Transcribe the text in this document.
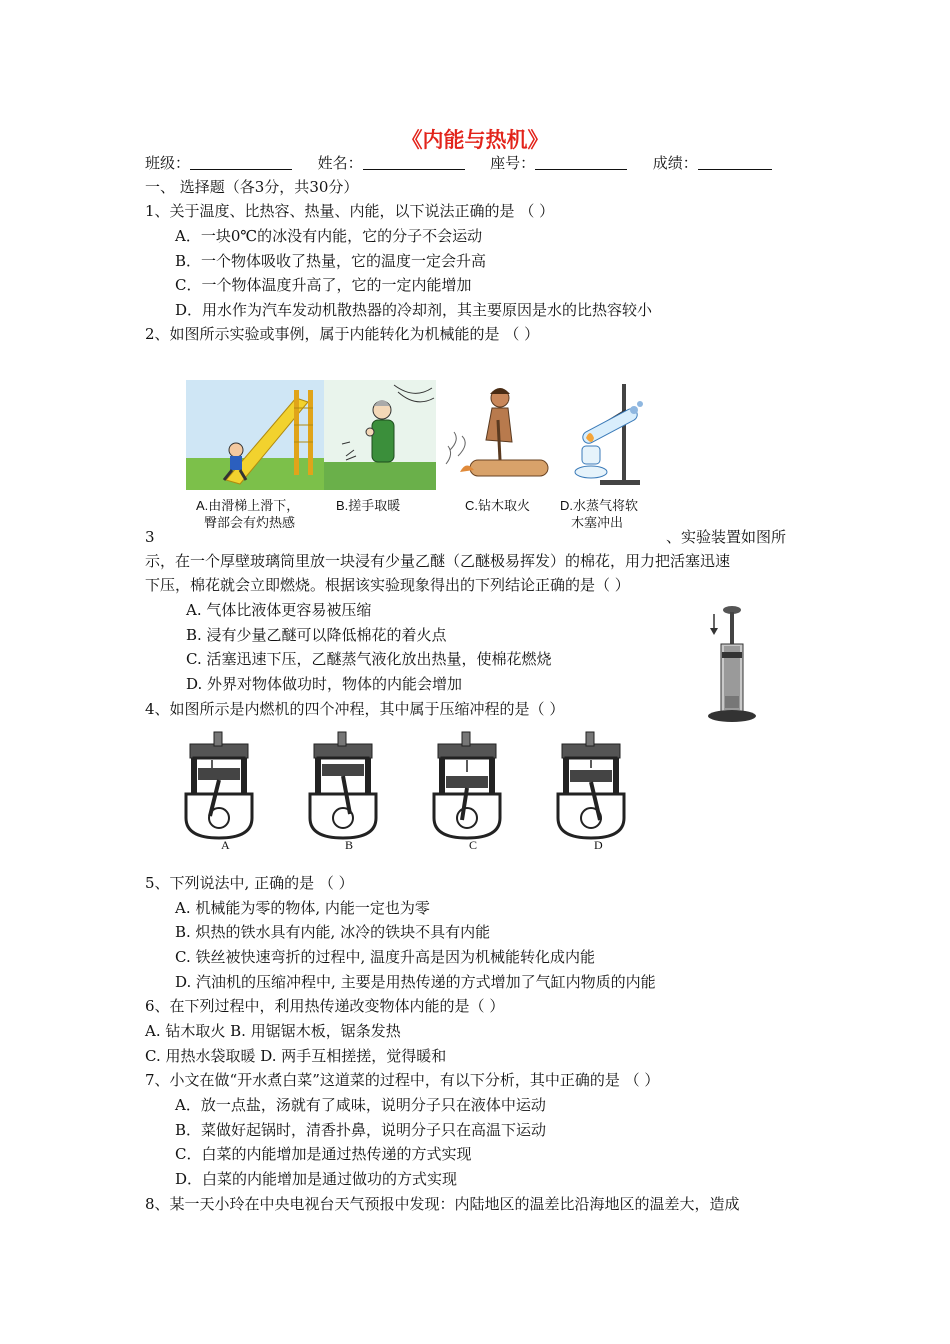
《内能与热机》
班级：	姓名：	座号：	成绩：
一、 选择题（各3分，共30分）
1、关于温度、比热容、热量、内能，以下说法正确的是 （ ）
A．一块0℃的冰没有内能，它的分子不会运动
B．一个物体吸收了热量，它的温度一定会升高
C．一个物体温度升高了，它的一定内能增加
D．用水作为汽车发动机散热器的冷却剂，其主要原因是水的比热容较小
2、如图所示实验或事例，属于内能转化为机械能的是 （ ）
A.由滑梯上滑下，
臀部会有灼热感
B.搓手取暖	C.钻木取火 D.水蒸气将软
木塞冲出
3	、实验装置如图所
示，在一个厚壁玻璃筒里放一块浸有少量乙醚（乙醚极易挥发）的棉花，用力把活塞迅速
下压，棉花就会立即燃烧。根据该实验现象得出的下列结论正确的是（ ）
A. 气体比液体更容易被压缩
B. 浸有少量乙醚可以降低棉花的着火点
C. 活塞迅速下压，乙醚蒸气液化放出热量，使棉花燃烧
D. 外界对物体做功时，物体的内能会增加
4、如图所示是内燃机的四个冲程，其中属于压缩冲程的是（ ）
A	B	C	D
5、下列说法中, 正确的是 （ ）
A. 机械能为零的物体, 内能一定也为零
B. 炽热的铁水具有内能, 冰冷的铁块不具有内能
C. 铁丝被快速弯折的过程中, 温度升高是因为机械能转化成内能
D. 汽油机的压缩冲程中, 主要是用热传递的方式增加了气缸内物质的内能
6、在下列过程中，利用热传递改变物体内能的是（ ）
A. 钻木取火 B. 用锯锯木板，锯条发热
C. 用热水袋取暖 D. 两手互相搓搓，觉得暖和
7、小文在做“开水煮白菜”这道菜的过程中，有以下分析，其中正确的是 （ ）
A．放一点盐，汤就有了咸味，说明分子只在液体中运动
B．菜做好起锅时，清香扑鼻，说明分子只在高温下运动
C．白菜的内能增加是通过热传递的方式实现
D．白菜的内能增加是通过做功的方式实现
8、某一天小玲在中央电视台天气预报中发现：内陆地区的温差比沿海地区的温差大，造成
